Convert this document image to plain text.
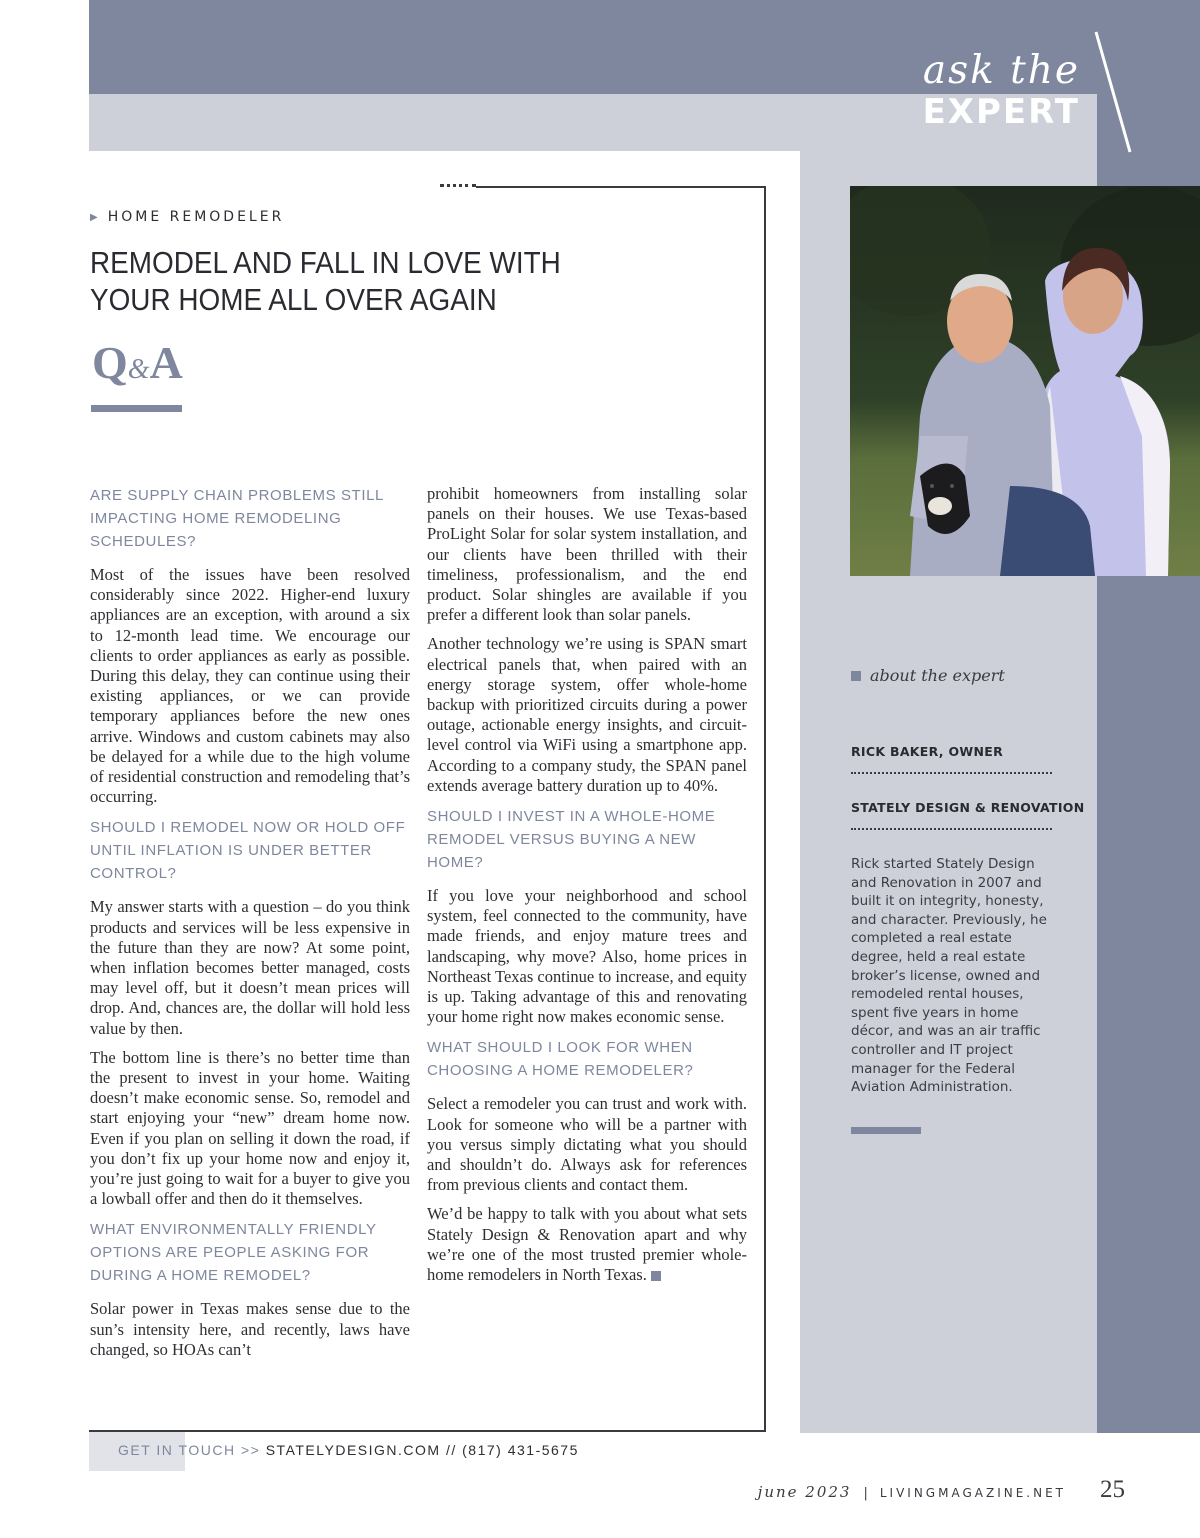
ask the
EXPERT
▶ HOME REMODELER
REMODEL AND FALL IN LOVE WITH
YOUR HOME ALL OVER AGAIN
Q&A
ARE SUPPLY CHAIN PROBLEMS STILL IMPACTING HOME REMODELING SCHEDULES?
Most of the issues have been resolved considerably since 2022. Higher-end luxury appliances are an exception, with around a six to 12-month lead time. We encourage our clients to order appliances as early as possible. During this delay, they can continue using their existing appliances, or we can provide temporary appliances before the new ones arrive. Windows and custom cabinets may also be delayed for a while due to the high volume of residential construction and remodeling that’s occurring.
SHOULD I REMODEL NOW OR HOLD OFF UNTIL INFLATION IS UNDER BETTER CONTROL?
My answer starts with a question – do you think products and services will be less expensive in the future than they are now? At some point, when inflation becomes better managed, costs may level off, but it doesn’t mean prices will drop. And, chances are, the dollar will hold less value by then.
The bottom line is there’s no better time than the present to invest in your home. Waiting doesn’t make economic sense. So, remodel and start enjoying your “new” dream home now. Even if you plan on selling it down the road, if you don’t fix up your home now and enjoy it, you’re just going to wait for a buyer to give you a lowball offer and then do it themselves.
WHAT ENVIRONMENTALLY FRIENDLY OPTIONS ARE PEOPLE ASKING FOR DURING A HOME REMODEL?
Solar power in Texas makes sense due to the sun’s intensity here, and recently, laws have changed, so HOAs can’t
prohibit homeowners from installing solar panels on their houses. We use Texas-based ProLight Solar for solar system installation, and our clients have been thrilled with their timeliness, professionalism, and the end product. Solar shingles are available if you prefer a different look than solar panels.
Another technology we’re using is SPAN smart electrical panels that, when paired with an energy storage system, offer whole-home backup with prioritized circuits during a power outage, actionable energy insights, and circuit-level control via WiFi using a smartphone app. According to a company study, the SPAN panel extends average battery duration up to 40%.
SHOULD I INVEST IN A WHOLE-HOME REMODEL VERSUS BUYING A NEW HOME?
If you love your neighborhood and school system, feel connected to the community, have made friends, and enjoy mature trees and landscaping, why move? Also, home prices in Northeast Texas continue to increase, and equity is up. Taking advantage of this and renovating your home right now makes economic sense.
WHAT SHOULD I LOOK FOR WHEN CHOOSING A HOME REMODELER?
Select a remodeler you can trust and work with. Look for someone who will be a partner with you versus simply dictating what you should and shouldn’t do. Always ask for references from previous clients and contact them.
We’d be happy to talk with you about what sets Stately Design & Renovation apart and why we’re one of the most trusted premier whole-home remodelers in North Texas.
about the expert
RICK BAKER, OWNER
STATELY DESIGN & RENOVATION
Rick started Stately Design and Renovation in 2007 and built it on integrity, honesty, and character. Previously, he completed a real estate degree, held a real estate broker’s license, owned and remodeled rental houses, spent five years in home décor, and was an air traffic controller and IT project manager for the Federal Aviation Administration.
GET IN TOUCH >> STATELYDESIGN.COM // (817) 431-5675
june 2023 | LIVINGMAGAZINE.NET 25
